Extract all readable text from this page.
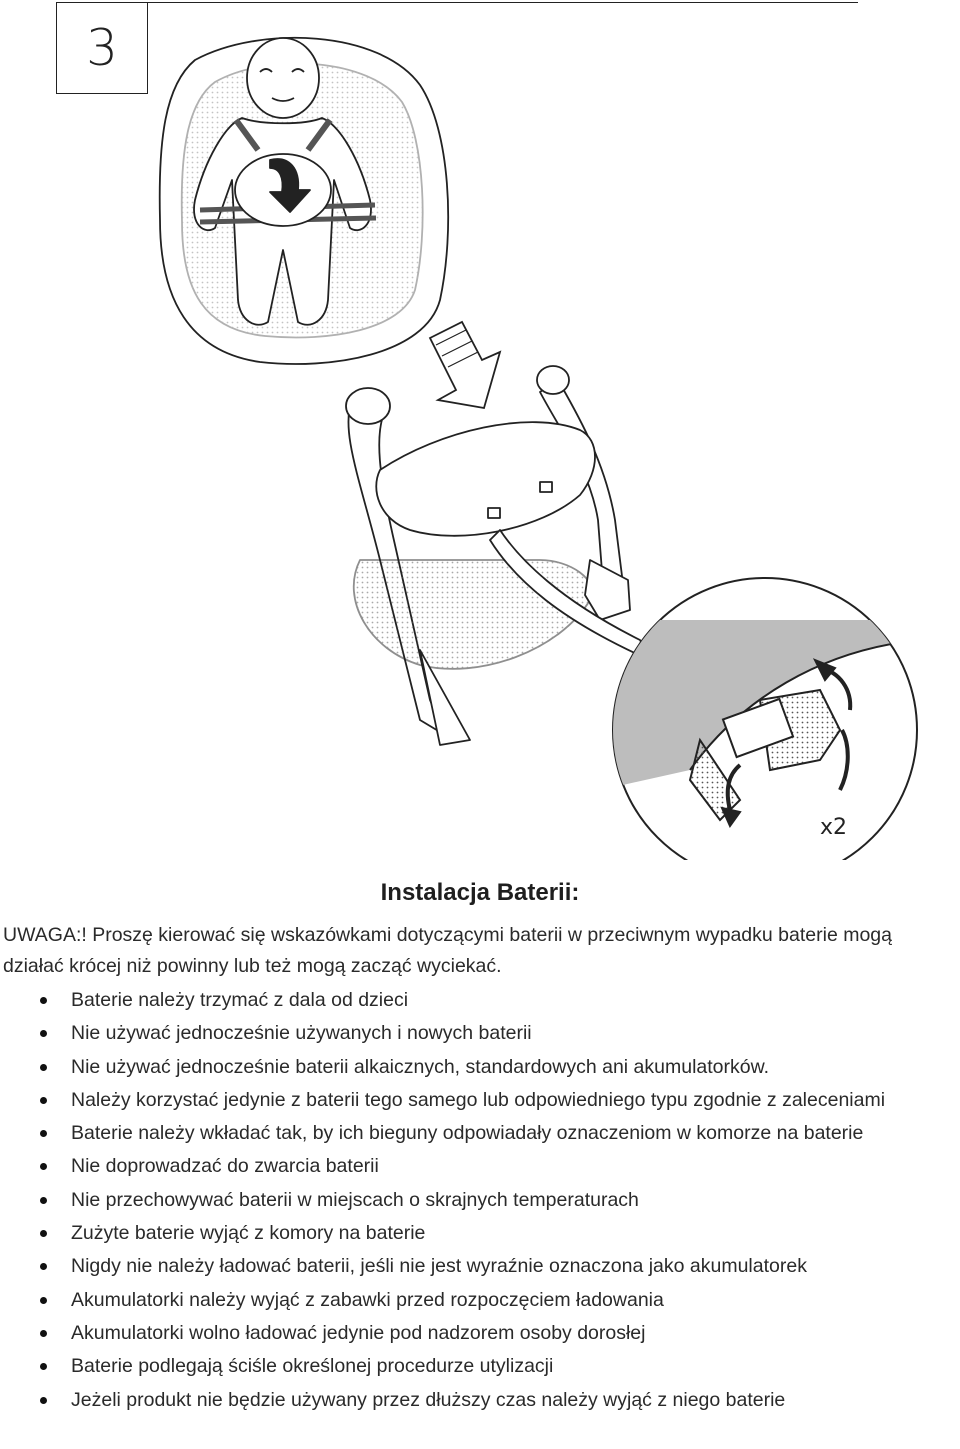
3
x2
Instalacja Baterii:
UWAGA:! Proszę kierować się wskazówkami dotyczącymi baterii w przeciwnym wypadku baterie mogą działać krócej niż powinny lub też mogą zacząć wyciekać.
Baterie należy trzymać z dala od dzieci
Nie używać jednocześnie używanych i nowych baterii
Nie używać jednocześnie baterii alkaicznych, standardowych ani akumulatorków.
Należy korzystać jedynie z baterii tego samego lub odpowiedniego typu zgodnie z zaleceniami
Baterie należy wkładać tak, by ich bieguny odpowiadały oznaczeniom w komorze na baterie
Nie doprowadzać do zwarcia baterii
Nie przechowywać baterii w miejscach o skrajnych temperaturach
Zużyte baterie wyjąć z komory na baterie
Nigdy nie należy ładować baterii, jeśli nie jest wyraźnie oznaczona jako akumulatorek
Akumulatorki należy wyjąć z zabawki przed rozpoczęciem ładowania
Akumulatorki wolno ładować jedynie pod nadzorem osoby dorosłej
Baterie podlegają ściśle określonej procedurze utylizacji
Jeżeli produkt nie będzie używany przez dłuższy czas należy wyjąć z niego baterie
